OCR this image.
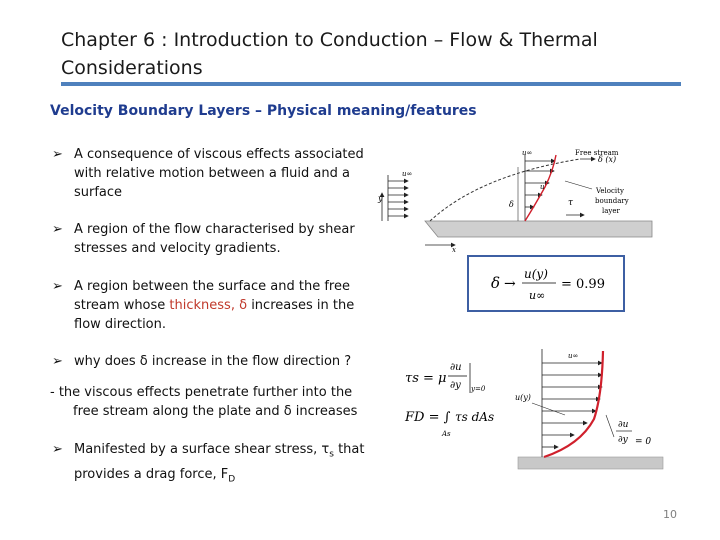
Chapter 6 : Introduction to Conduction – Flow & Thermal
Considerations
Velocity Boundary Layers – Physical meaning/features
➢ A consequence of viscous effects associated
with relative motion between a fluid and a
surface
➢ A region of the flow characterised by shear
stresses and velocity gradients.
➢ A region between the surface and the free
stream whose thickness, δ increases in the
flow direction.
➢ why does δ increase in the flow direction ?
- the viscous effects penetrate further into the

free stream along the plate and δ increases
➢ Manifested by a surface shear stress, $\tau_s$ that
provides a drag force, $F_D$
y
x
u∞
δ (x)
Free stream
u∞
u
δ	τ
Velocity
boundary
layer
δ →
u(y)
u∞
= 0.99
τs = μ
∂u
∂y y=0
FD = ∫
As
τs dAs
u∞
u(y)
∂u
∂y = 0
10
